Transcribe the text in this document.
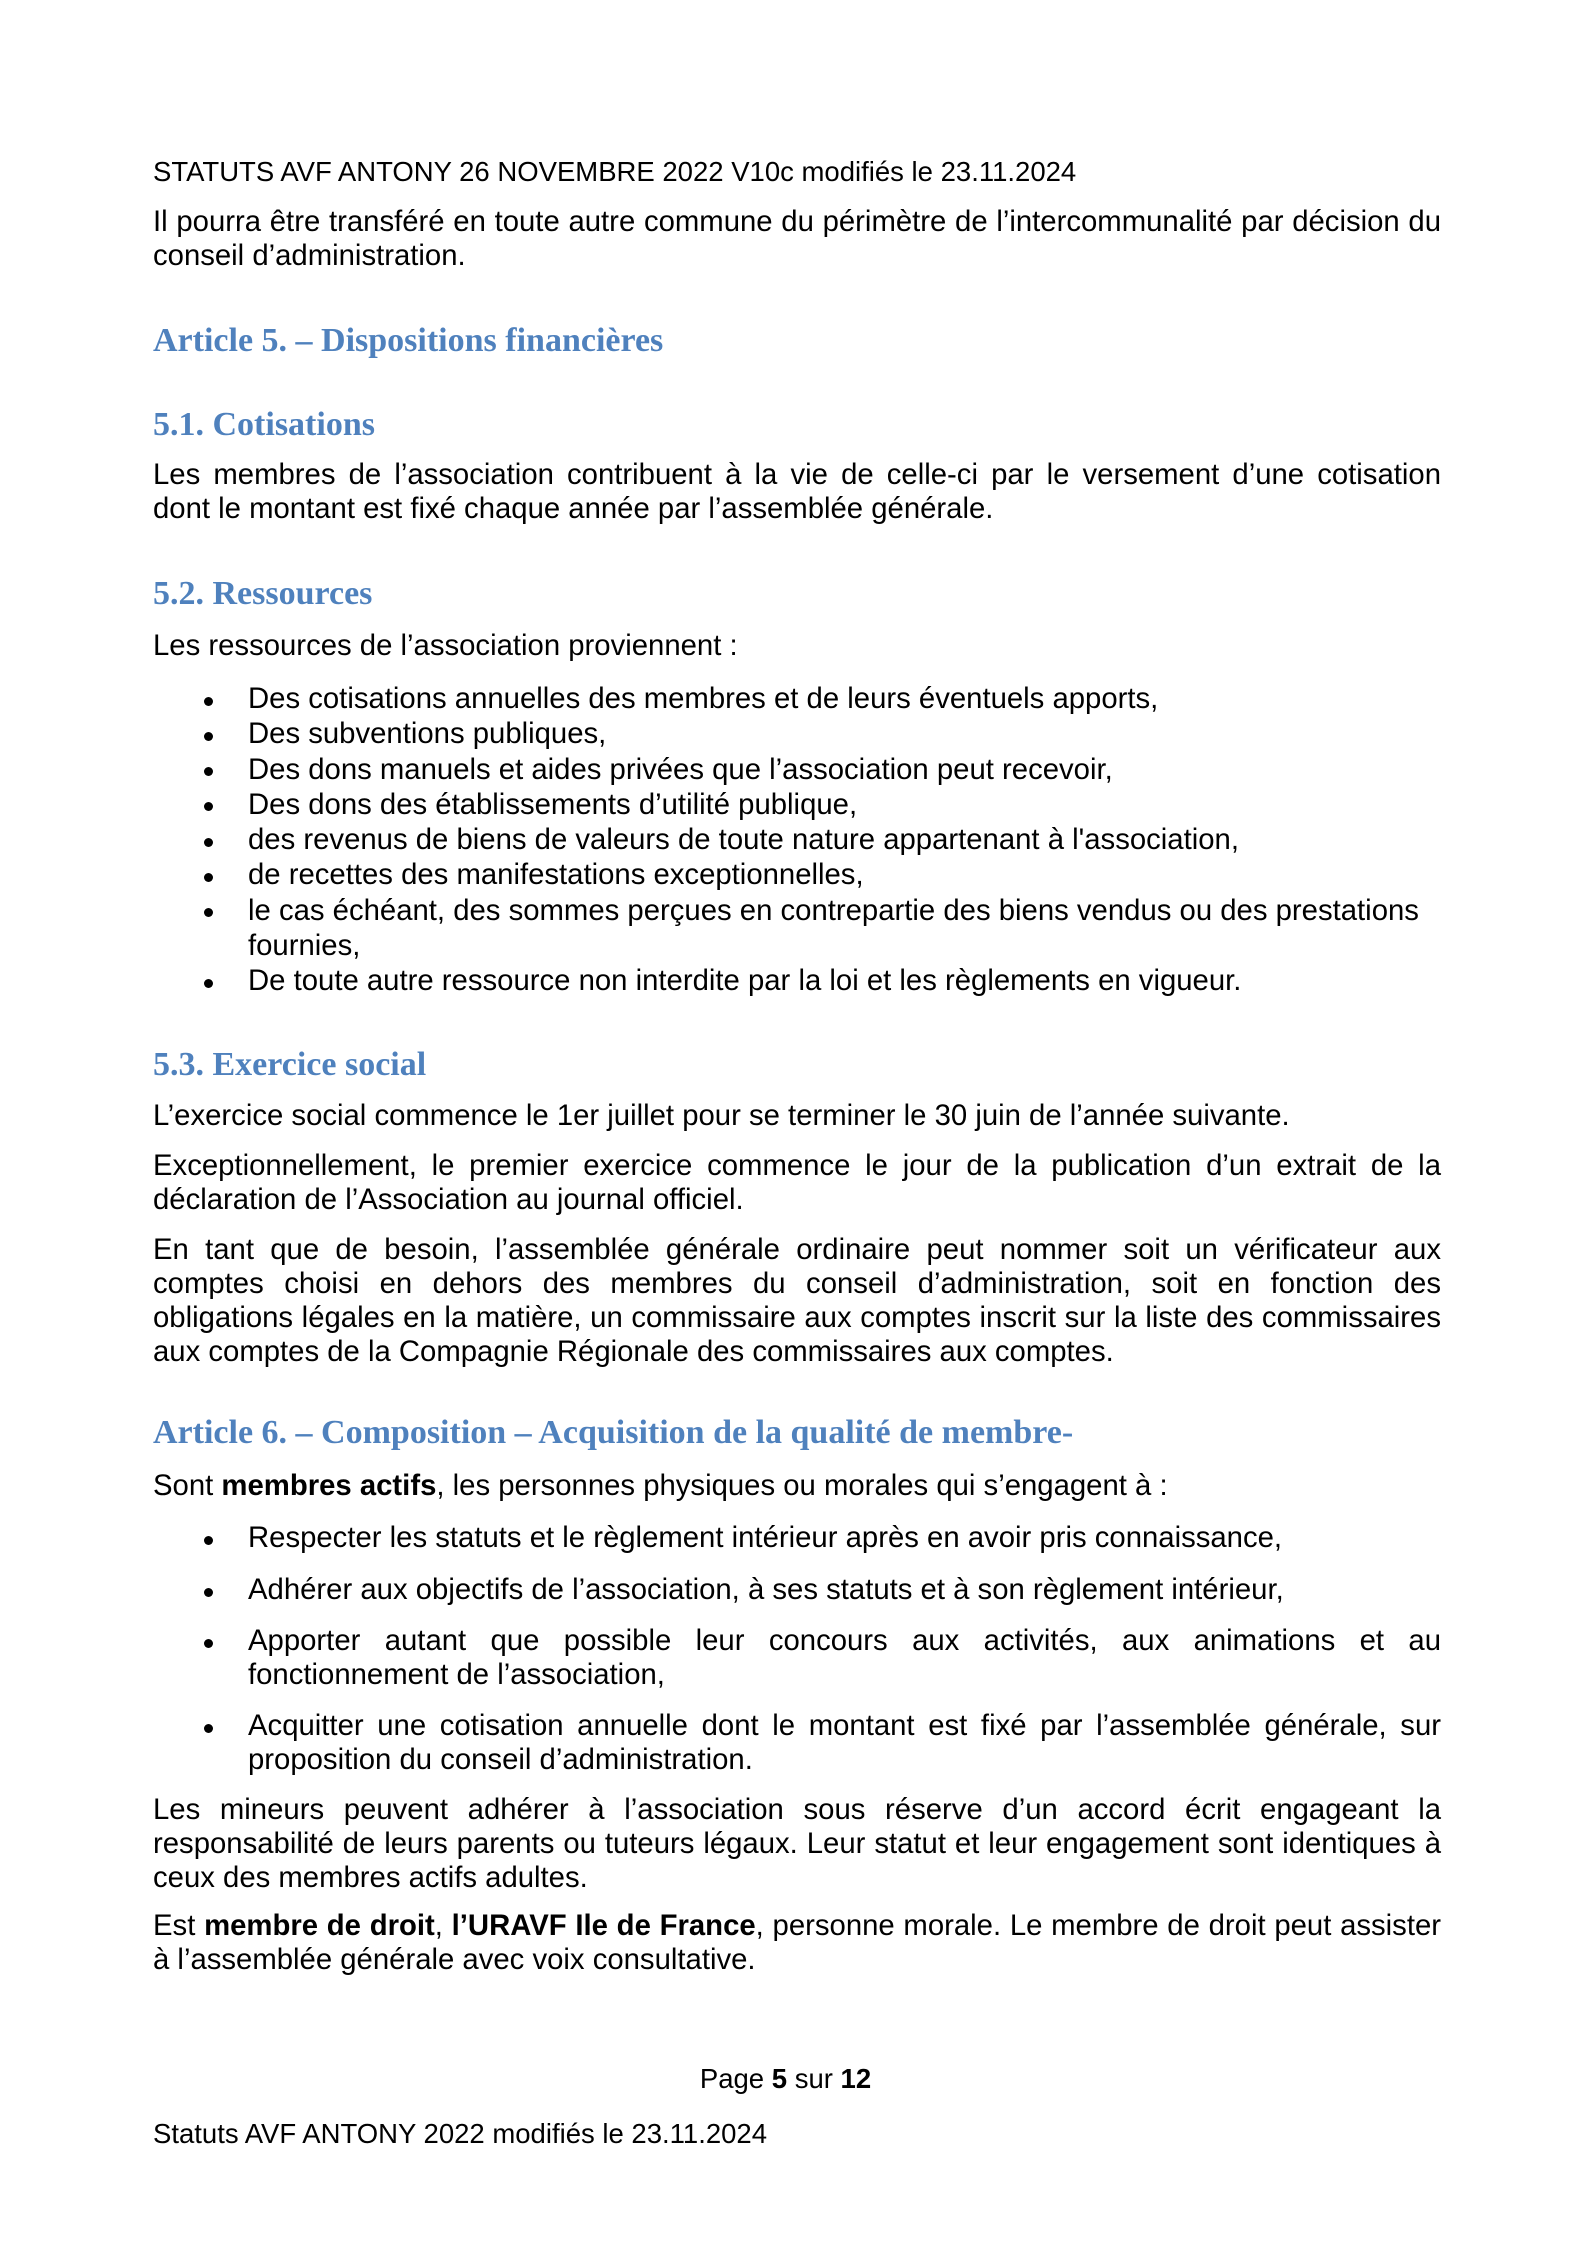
STATUTS AVF ANTONY 26 NOVEMBRE 2022 V10c modifiés le 23.11.2024
Il pourra être transféré en toute autre commune du périmètre de l’intercommunalité par décision du
conseil d’administration.
Article 5. – Dispositions financières
5.1. Cotisations
Les membres de l’association contribuent à la vie de celle-ci par le versement d’une cotisation
dont le montant est fixé chaque année par l’assemblée générale.
5.2. Ressources
Les ressources de l’association proviennent :
Des cotisations annuelles des membres et de leurs éventuels apports,
Des subventions publiques,
Des dons manuels et aides privées que l’association peut recevoir,
Des dons des établissements d’utilité publique,
des revenus de biens de valeurs de toute nature appartenant à l'association,
de recettes des manifestations exceptionnelles,
le cas échéant, des sommes perçues en contrepartie des biens vendus ou des prestations
fournies,
De toute autre ressource non interdite par la loi et les règlements en vigueur.
5.3. Exercice social
L’exercice social commence le 1er juillet pour se terminer le 30 juin de l’année suivante.
Exceptionnellement, le premier exercice commence le jour de la publication d’un extrait de la
déclaration de l’Association au journal officiel.
En tant que de besoin, l’assemblée générale ordinaire peut nommer soit un vérificateur aux
comptes choisi en dehors des membres du conseil d’administration, soit en fonction des
obligations légales en la matière, un commissaire aux comptes inscrit sur la liste des commissaires
aux comptes de la Compagnie Régionale des commissaires aux comptes.
Article 6. – Composition – Acquisition de la qualité de membre-
Sont membres actifs, les personnes physiques ou morales qui s’engagent à :
Respecter les statuts et le règlement intérieur après en avoir pris connaissance,
Adhérer aux objectifs de l’association, à ses statuts et à son règlement intérieur,
Apporter autant que possible leur concours aux activités, aux animations et au
fonctionnement de l’association,
Acquitter une cotisation annuelle dont le montant est fixé par l’assemblée générale, sur
proposition du conseil d’administration.
Les mineurs peuvent adhérer à l’association sous réserve d’un accord écrit engageant la
responsabilité de leurs parents ou tuteurs légaux. Leur statut et leur engagement sont identiques à
ceux des membres actifs adultes.
Est membre de droit, l’URAVF Ile de France, personne morale. Le membre de droit peut assister
à l’assemblée générale avec voix consultative.
Page 5 sur 12
Statuts AVF ANTONY 2022 modifiés le 23.11.2024
